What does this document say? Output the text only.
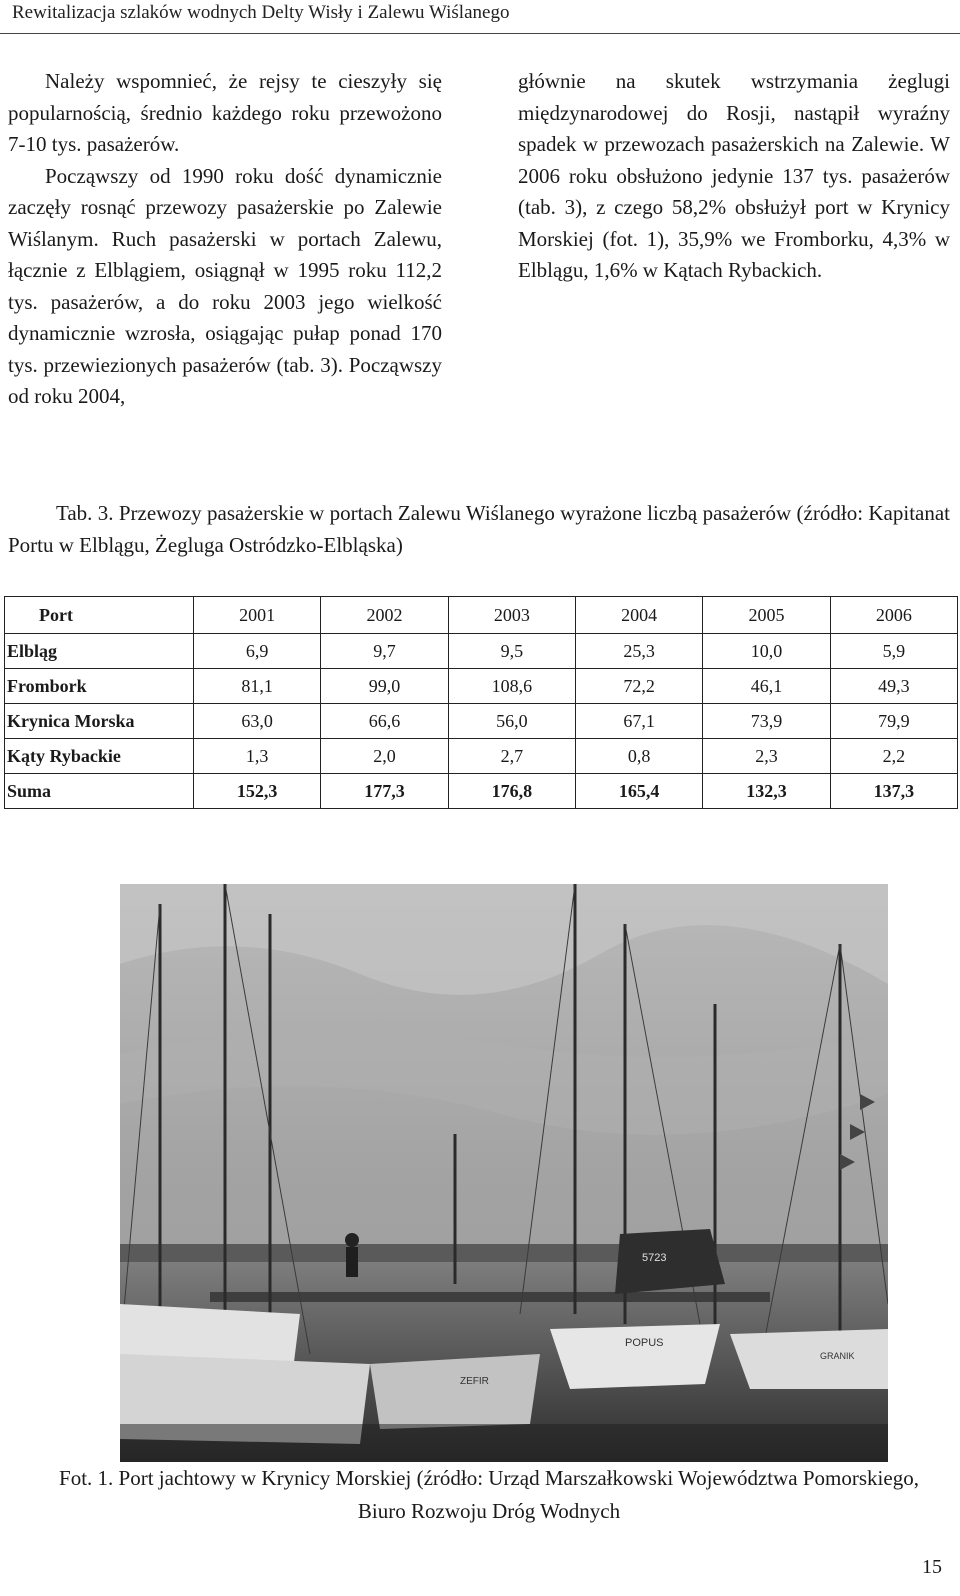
Rewitalizacja szlaków wodnych Delty Wisły i Zalewu Wiślanego

Należy wspomnieć, że rejsy te cieszyły się popularnością, średnio każdego roku przewożono 7-10 tys. pasażerów.

Począwszy od 1990 roku dość dynamicznie zaczęły rosnąć przewozy pasażerskie po Zalewie Wiślanym. Ruch pasażerski w portach Zalewu, łącznie z Elblągiem, osiągnął w 1995 roku 112,2 tys. pasażerów, a do roku 2003 jego wielkość dynamicznie wzrosła, osiągając pułap ponad 170 tys. przewiezionych pasażerów (tab. 3). Począwszy od roku 2004,

głównie na skutek wstrzymania żeglugi międzynarodowej do Rosji, nastąpił wyraźny spadek w przewozach pasażerskich na Zalewie. W 2006 roku obsłużono jedynie 137 tys. pasażerów (tab. 3), z czego 58,2% obsłużył port w Krynicy Morskiej (fot. 1), 35,9% we Fromborku, 4,3% w Elblągu, 1,6% w Kątach Rybackich.

Tab. 3. Przewozy pasażerskie w portach Zalewu Wiślanego wyrażone liczbą pasażerów (źródło: Kapitanat Portu w Elblągu, Żegluga Ostródzko-Elbląska)
Port	2001	2002	2003	2004	2005	2006
Elbląg	6,9	9,7	9,5	25,3	10,0	5,9
Frombork	81,1	99,0	108,6	72,2	46,1	49,3
Krynica Morska	63,0	66,6	56,0	67,1	73,9	79,9
Kąty Rybackie	1,3	2,0	2,7	0,8	2,3	2,2
Suma	152,3	177,3	176,8	165,4	132,3	137,3
5723
POPUS
GRANIK
ZEFIR
Fot. 1. Port jachtowy w Krynicy Morskiej (źródło: Urząd Marszałkowski Województwa Pomorskiego, Biuro Rozwoju Dróg Wodnych
15
